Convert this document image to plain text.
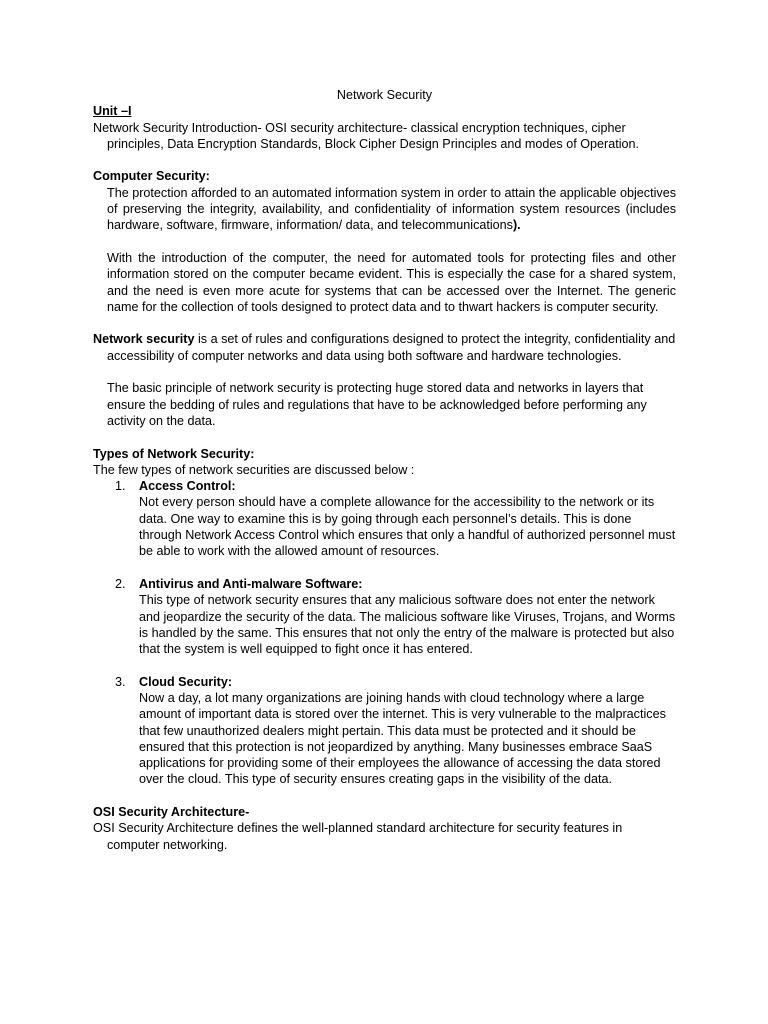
Network Security

Unit –I

Network Security Introduction- OSI security architecture- classical encryption techniques, cipher principles, Data Encryption Standards, Block Cipher Design Principles and modes of Operation.

Computer Security:

The protection afforded to an automated information system in order to attain the applicable objectives of preserving the integrity, availability, and confidentiality of information system resources (includes hardware, software, firmware, information/ data, and telecommunications).

With the introduction of the computer, the need for automated tools for protecting files and other information stored on the computer became evident. This is especially the case for a shared system, and the need is even more acute for systems that can be accessed over the Internet. The generic name for the collection of tools designed to protect data and to thwart hackers is computer security.

Network security is a set of rules and configurations designed to protect the integrity, confidentiality and accessibility of computer networks and data using both software and hardware technologies.

The basic principle of network security is protecting huge stored data and networks in layers that ensure the bedding of rules and regulations that have to be acknowledged before performing any activity on the data.

Types of Network Security:

The few types of network securities are discussed below :

1. Access Control:

Not every person should have a complete allowance for the accessibility to the network or its data. One way to examine this is by going through each personnel’s details. This is done through Network Access Control which ensures that only a handful of authorized personnel must be able to work with the allowed amount of resources.

2. Antivirus and Anti-malware Software:

This type of network security ensures that any malicious software does not enter the network and jeopardize the security of the data. The malicious software like Viruses, Trojans, and Worms is handled by the same. This ensures that not only the entry of the malware is protected but also that the system is well equipped to fight once it has entered.

3. Cloud Security:

Now a day, a lot many organizations are joining hands with cloud technology where a large amount of important data is stored over the internet. This is very vulnerable to the malpractices that few unauthorized dealers might pertain. This data must be protected and it should be ensured that this protection is not jeopardized by anything. Many businesses embrace SaaS applications for providing some of their employees the allowance of accessing the data stored over the cloud. This type of security ensures creating gaps in the visibility of the data.

OSI Security Architecture-

OSI Security Architecture defines the well-planned standard architecture for security features in computer networking.
